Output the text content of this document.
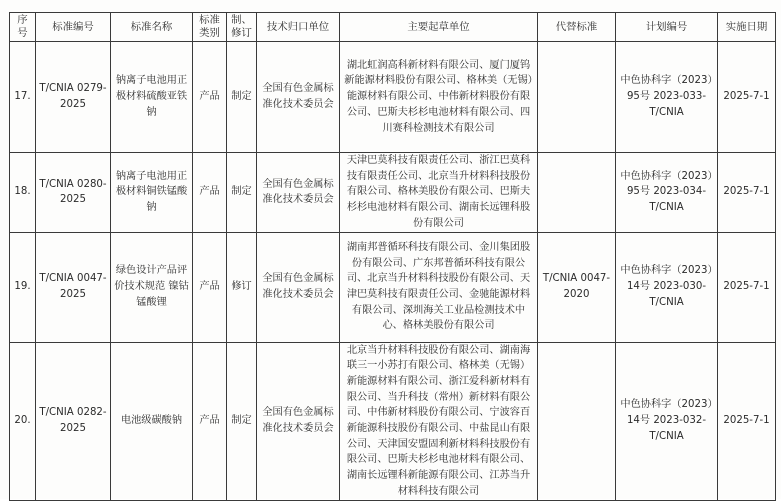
序号	标准编号	标准名称	标准类别	制、修订	技术归口单位	主要起草单位	代替标准	计划编号	实施日期
17.	T/CNIA 0279-2025	钠离子电池用正极材料硫酸亚铁钠	产品	制定	全国有色金属标准化技术委员会	湖北虹润高科新材料有限公司、厦门厦钨新能源材料股份有限公司、格林美（无锡）能源材料有限公司、中伟新材料股份有限公司、巴斯夫杉杉电池材料有限公司、四川赛科检测技术有限公司		中色协科字（2023）95号 2023-033-T/CNIA	2025-7-1
18.	T/CNIA 0280-2025	钠离子电池用正极材料铜铁锰酸钠	产品	制定	全国有色金属标准化技术委员会	天津巴莫科技有限责任公司、浙江巴莫科技有限责任公司、北京当升材料科技股份有限公司、格林美股份有限公司、巴斯夫杉杉电池材料有限公司、湖南长远锂科股份有限公司		中色协科字（2023）95号 2023-034-T/CNIA	2025-7-1
19.	T/CNIA 0047-2025	绿色设计产品评价技术规范 镍钴锰酸锂	产品	修订	全国有色金属标准化技术委员会	湖南邦普循环科技有限公司、金川集团股份有限公司、广东邦普循环科技有限公司、北京当升材料科技股份有限公司、天津巴莫科技有限责任公司、金驰能源材料有限公司、深圳海关工业品检测技术中心、格林美股份有限公司	T/CNIA 0047-2020	中色协科字（2023）14号 2023-030-T/CNIA	2025-7-1
20.	T/CNIA 0282-2025	电池级碳酸钠	产品	制定	全国有色金属标准化技术委员会	北京当升材料科技股份有限公司、湖南海联三一小苏打有限公司、格林美（无锡）新能源材料有限公司、浙江爱科新材料有限公司、当升科技（常州）新材料有限公司、中伟新材料股份有限公司、宁波容百新能源科技股份有限公司、中盐昆山有限公司、天津国安盟固利新材料科技股份有限公司、巴斯夫杉杉电池材料有限公司、湖南长远锂科新能源有限公司、江苏当升材料科技有限公司		中色协科字（2023）14号 2023-032-T/CNIA	2025-7-1
